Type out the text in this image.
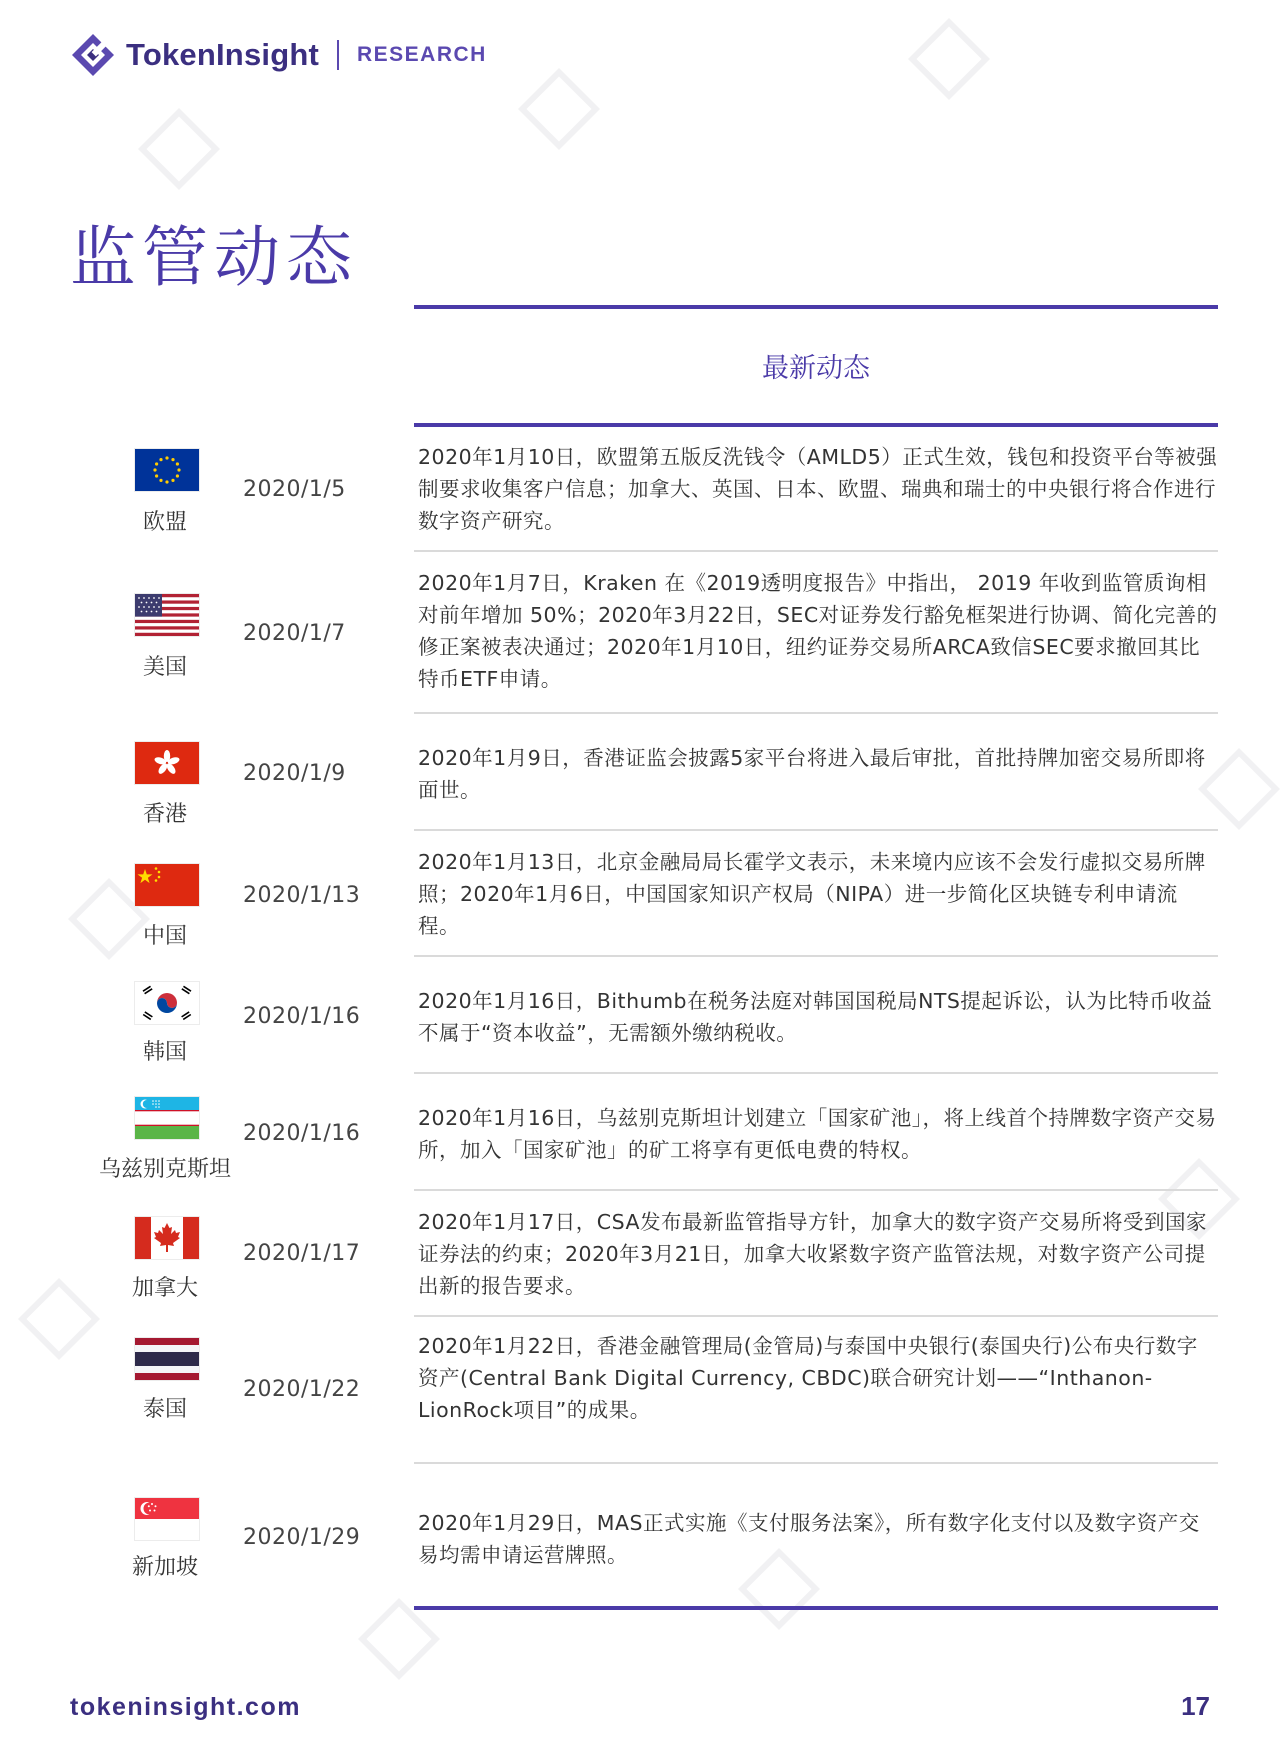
TokenInsight RESEARCH
监管动态
最新动态
欧盟
2020/1/5
2020年1月10日，欧盟第五版反洗钱令（AMLD5）正式生效，钱包和投资平台等被强制要求收集客户信息；加拿大、英国、日本、欧盟、瑞典和瑞士的中央银行将合作进行数字资产研究。
美国
2020/1/7
2020年1月7日，Kraken 在《2019透明度报告》中指出， 2019 年收到监管质询相对前年增加 50%；2020年3月22日，SEC对证券发行豁免框架进行协调、简化完善的修正案被表决通过；2020年1月10日，纽约证券交易所ARCA致信SEC要求撤回其比特币ETF申请。
香港
2020/1/9
2020年1月9日，香港证监会披露5家平台将进入最后审批，首批持牌加密交易所即将面世。
中国
2020/1/13
2020年1月13日，北京金融局局长霍学文表示，未来境内应该不会发行虚拟交易所牌照；2020年1月6日，中国国家知识产权局（NIPA）进一步简化区块链专利申请流程。
韩国
2020/1/16
2020年1月16日，Bithumb在税务法庭对韩国国税局NTS提起诉讼，认为比特币收益不属于“资本收益”，无需额外缴纳税收。
乌兹别克斯坦
2020/1/16
2020年1月16日，乌兹别克斯坦计划建立「国家矿池」，将上线首个持牌数字资产交易所，加入「国家矿池」的矿工将享有更低电费的特权。
加拿大
2020/1/17
2020年1月17日，CSA发布最新监管指导方针，加拿大的数字资产交易所将受到国家证券法的约束；2020年3月21日，加拿大收紧数字资产监管法规，对数字资产公司提出新的报告要求。
泰国
2020/1/22
2020年1月22日，香港金融管理局(金管局)与泰国中央银行(泰国央行)公布央行数字资产(Central Bank Digital Currency, CBDC)联合研究计划——“Inthanon-LionRock项目”的成果。
新加坡
2020/1/29
2020年1月29日，MAS正式实施《支付服务法案》，所有数字化支付以及数字资产交易均需申请运营牌照。
tokeninsight.com	17
